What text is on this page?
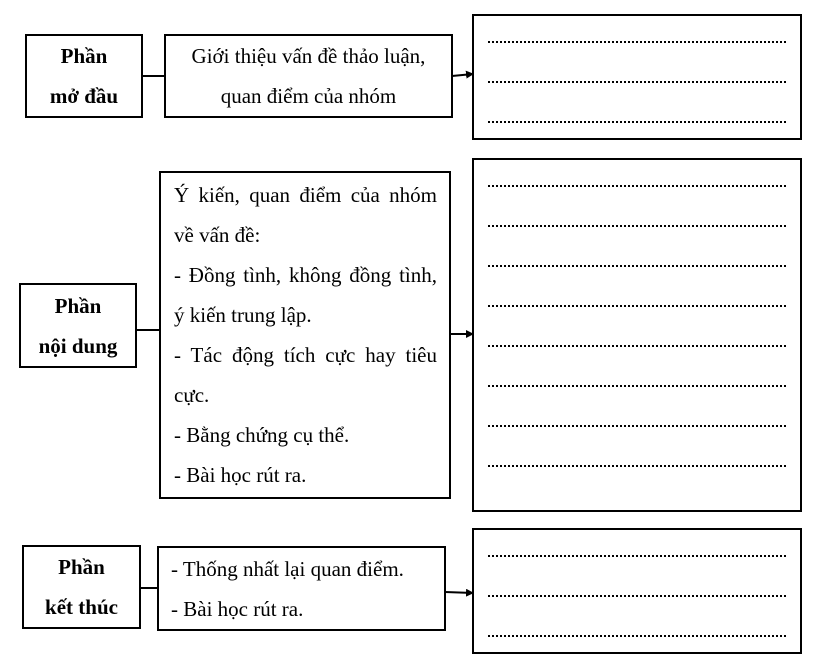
Phần
mở đầu
Giới thiệu vấn đề thảo luận,
quan điểm của nhóm
Phần
nội dung
Ý kiến, quan điểm của nhóm về vấn đề:
- Đồng tình, không đồng tình, ý kiến trung lập.
- Tác động tích cực hay tiêu cực.
- Bằng chứng cụ thể.
- Bài học rút ra.
Phần
kết thúc
- Thống nhất lại quan điểm.
- Bài học rút ra.
